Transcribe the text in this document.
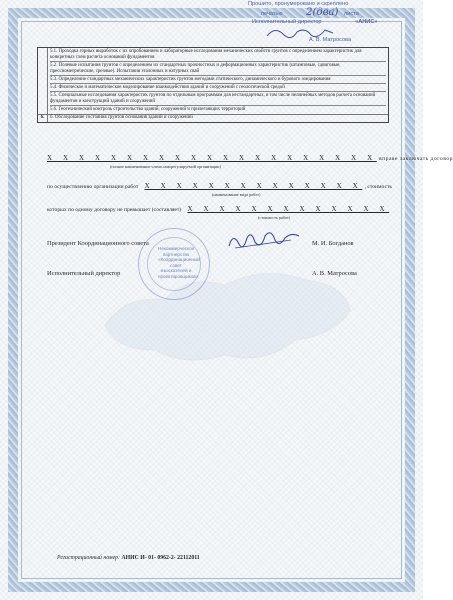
Прошито, пронумеровано и скреплено
печатью 2(два) листа
Исполнительный директор	«АНИС»
А. В. Матросова
5.1. Проходка горных выработок с их опробованием и лабораторные исследования механических свойств грунтов с определением характеристик для конкретных схем расчета оснований фундаментов
5.2. Полевые испытания грунтов с определением их стандартных прочностных и деформационных характеристик (штамповые, сдвиговые, прессиометрические, срезные). Испытания эталонных и натурных свай
5.3. Определение стандартных механических характеристик грунтов методами статического, динамического и бурового зондирования
5.4. Физическое и математическое моделирование взаимодействия зданий и сооружений с геологической средой
5.5. Специальные исследования характеристик грунтов по отдельным программам для нестандартных, в том числе нелинейных методов расчета оснований фундаментов и конструкций зданий и сооружений
5.6. Геотехнический контроль строительства зданий, сооружений и прилегающих территорий
6.	6. Обследование состояния грунтов основания зданий и сооружений
X X X X X X X X X X X X X X X X X X X X X вправе заключать договор
(полное наименование члена саморегулируемой организации)
по осуществлению организации работ X X X X X X X X X X X X X X , стоимость
(наименование вида работ)
которых по одному договору не превышает (составляет) X X X X X X X X X X X X X
(стоимость работ)
Некоммерческое партнерство «Координационный совет изыскателей и проектировщиков»
Президент Координационного совета	М. И. Богданов
Исполнительный директор	А. В. Матросова
Регистрационный номер: АНИС И- 01- 0962-2- 22112011
